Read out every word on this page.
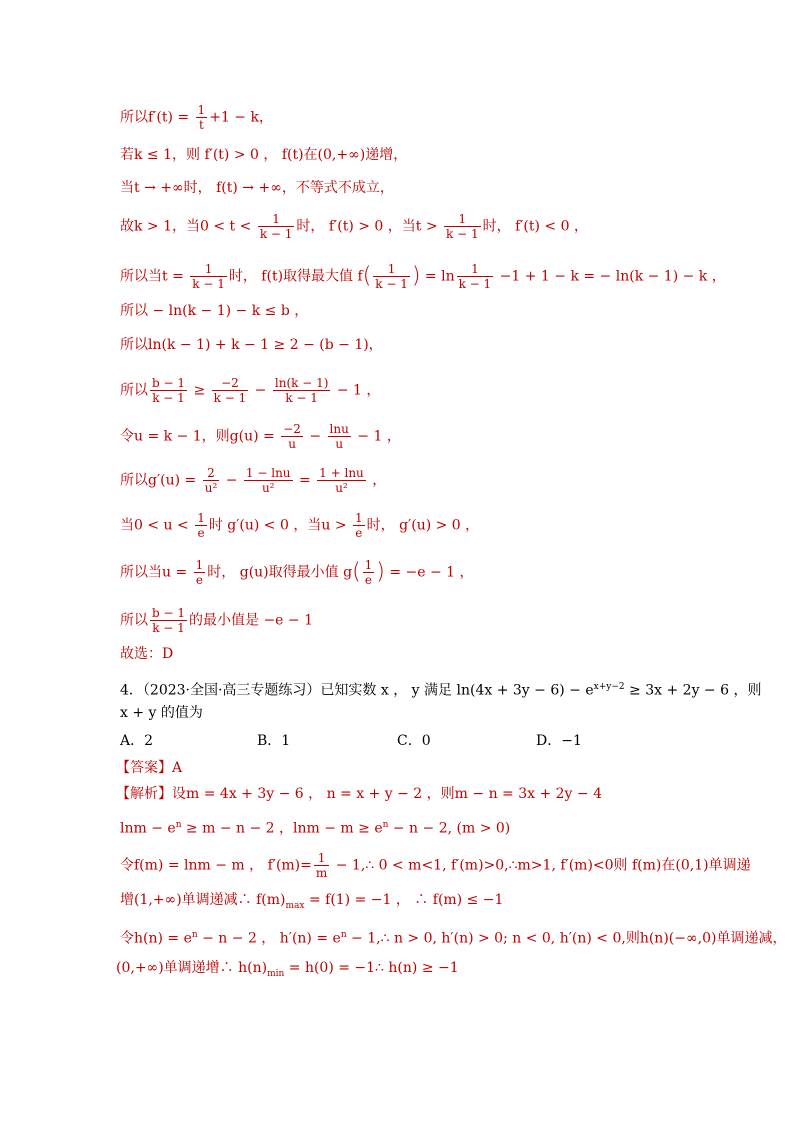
所以$f'(t) = \frac{1}{t} +1 - k$，
若k ≤ 1，则 f′(t) > 0 ， f(t)在(0,+∞)递增，
当t → +∞时， f(t) → +∞，不等式不成立，
故k > 1，当$0 < t < \frac{1}{k - 1}$ 时， f′(t) > 0 ，当$t > \frac{1}{k - 1}$ 时， f′(t) < 0 ，
所以当$t = \frac{1}{k - 1}$ 时， f(t)取得最大值 $f( \frac{1}{k - 1}$ ) = $\ln \frac{1}{k - 1} -1 + 1 - k$ = − ln(k − 1) − k ，
所以 − ln(k − 1) − k ≤ b ，
所以ln(k − 1) + k − 1 ≥ 2 − (b − 1)，
所以 $\frac{b - 1}{k - 1} \ge \frac{-2}{k - 1} - \frac{\ln(k - 1)}{k - 1} - 1$ ，
令u = k − 1，则$g(u) = \frac{-2}{u} - \frac{\ln u}{u} - 1$ ，
所以$g'(u) = \frac{2}{\text{u²}} - \frac{1 - \ln u}{\text{u²}} = \frac{1 + \ln u}{\text{u²}}$ ，
当$0 < u < \frac{1}{e}$ 时 g′(u) < 0 ，当$u > \frac{1}{e}$ 时， g′(u) > 0 ，
所以当$u = \frac{1}{e}$ 时， g(u)取得最小值 $g( \frac{1}{e}$ ) = −e − 1 ，
所以 $\frac{b - 1}{k - 1}$ 的最小值是 −e − 1
故选：D
4．（2023·全国·高三专题练习）已知实数 x ， y 满足 $\ln(4x + 3y - 6) - e^{x+y-2} \ge 3x + 2y - 6$ ，则
x + y 的值为
A．2	B．1	C．0	D．−1
【答案】A
【解析】设m = 4x + 3y − 6 ， n = x + y − 2 ，则m − n = 3x + 2y − 4
$\ln m - e^n \ge m - n - 2$ ，$\ln m - m \ge e^n - n - 2$, (m > 0)
令f(m) = lnm − m ， $f'(m)= \frac{1}{m}$ − 1,∴ 0 < m<1, f′(m)>0,∴m>1, f′(m)<0则 f(m)在(0,1)单调递
增(1,+∞)单调递减∴ $f(m)_{max} = f(1) = -1$ ， ∴ f(m) ≤ −1
令$h(n) = e^n - n - 2$ ， $h'(n) = e^n$ − 1,∴ n > 0, h′(n) > 0; n < 0, h′(n) < 0,则h(n)(−∞,0)单调递减，
(0,+∞)单调递增∴ $h(n)_{min} = h(0)$ = −1∴ h(n) ≥ −1
